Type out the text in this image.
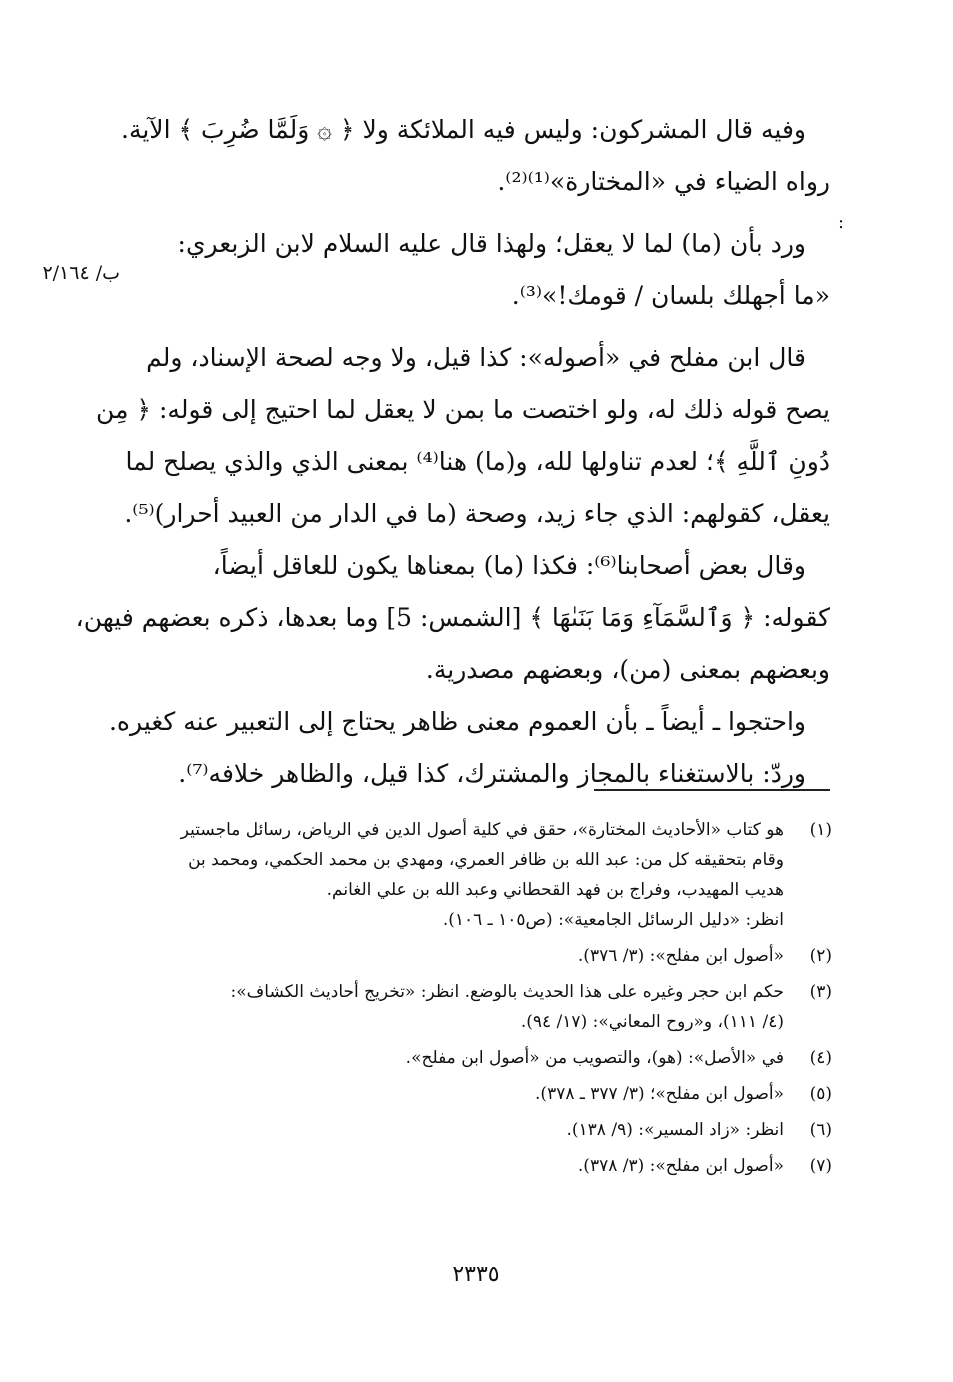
وفيه قال المشركون: وليس فيه الملائكة ولا ﴿ ۞ وَلَمَّا ضُرِبَ ﴾ الآية.
رواه الضياء في «المختارة»⁽¹⁾⁽²⁾.
ورد بأن (ما) لما لا يعقل؛ ولهذا قال عليه السلام لابن الزبعري:
«ما أجهلك بلسان / قومك!»⁽³⁾.
قال ابن مفلح في «أصوله»: كذا قيل، ولا وجه لصحة الإسناد، ولم
يصح قوله ذلك له، ولو اختصت ما بمن لا يعقل لما احتيج إلى قوله: ﴿ مِن
دُونِ ٱللَّهِ ﴾؛ لعدم تناولها لله، و(ما) هنا⁽⁴⁾ بمعنى الذي والذي يصلح لما
يعقل، كقولهم: الذي جاء زيد، وصحة (ما في الدار من العبيد أحرار)⁽⁵⁾.
وقال بعض أصحابنا⁽⁶⁾: فكذا (ما) بمعناها يكون للعاقل أيضاً،
كقوله: ﴿ وَٱلسَّمَآءِ وَمَا بَنَىٰهَا ﴾ [الشمس: 5] وما بعدها، ذكره بعضهم فيهن،
وبعضهم بمعنى (من)، وبعضهم مصدرية.
واحتجوا ـ أيضاً ـ بأن العموم معنى ظاهر يحتاج إلى التعبير عنه كغيره.
وردّ: بالاستغناء بالمجاز والمشترك، كذا قيل، والظاهر خلافه⁽⁷⁾.
:
ب/ ٢/١٦٤
(١)
هو كتاب «الأحاديث المختارة»، حقق في كلية أصول الدين في الرياض، رسائل ماجستير
وقام بتحقيقه كل من: عبد الله بن ظافر العمري، ومهدي بن محمد الحكمي، ومحمد بن
هديب المهيدب، وفراج بن فهد القحطاني وعبد الله بن علي الغانم.
انظر: «دليل الرسائل الجامعية»: (ص١٠٥ ـ ١٠٦).
(٢)
«أصول ابن مفلح»: (٣/ ٣٧٦).
(٣)
حكم ابن حجر وغيره على هذا الحديث بالوضع. انظر: «تخريج أحاديث الكشاف»:
(٤/ ١١١)، و«روح المعاني»: (١٧/ ٩٤).
(٤)
في «الأصل»: (هو)، والتصويب من «أصول ابن مفلح».
(٥)
«أصول ابن مفلح»؛ (٣/ ٣٧٧ ـ ٣٧٨).
(٦)
انظر: «زاد المسير»: (٩/ ١٣٨).
(٧)
«أصول ابن مفلح»: (٣/ ٣٧٨).
٢٣٣٥
